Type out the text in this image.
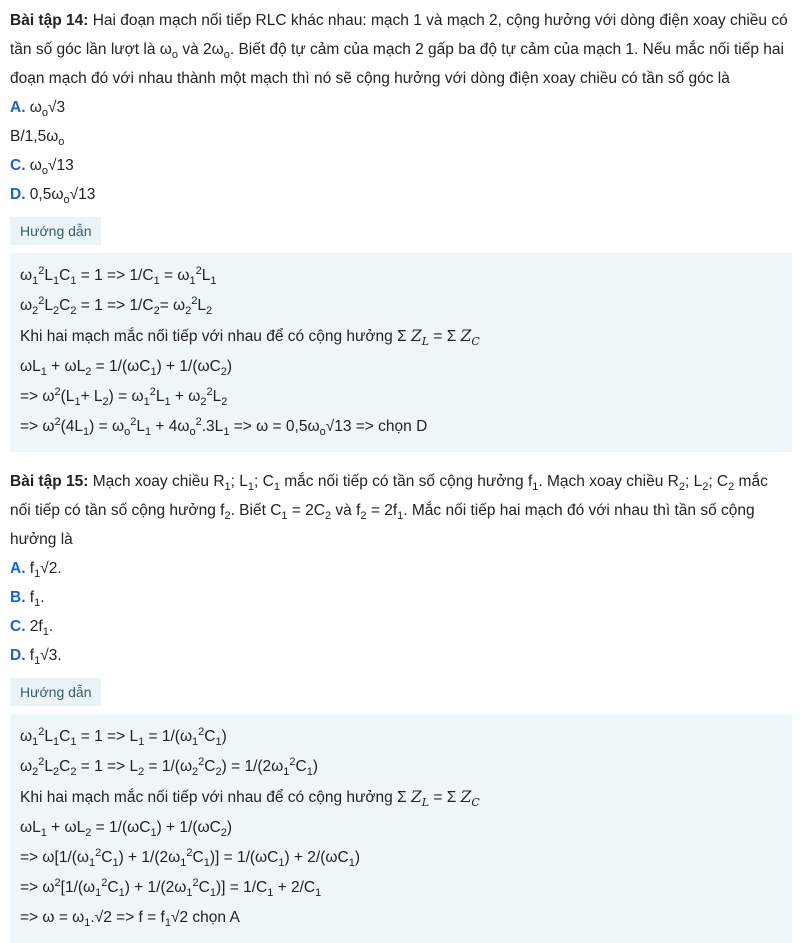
Bài tập 14: Hai đoạn mạch nối tiếp RLC khác nhau: mạch 1 và mạch 2, cộng hưởng với dòng điện xoay chiều có tần số góc lần lượt là $\omega_o$ và $2\omega_o$. Biết độ tự cảm của mạch 2 gấp ba độ tự cảm của mạch 1. Nếu mắc nối tiếp hai đoạn mạch đó với nhau thành một mạch thì nó sẽ cộng hưởng với dòng điện xoay chiều có tần số góc là

A. $\omega_o√3$

$B/1,5\omega_o$

C. $\omega_o√13$

D. $0,5\omega_o√13$

Hướng dẫn

$\omega_1^2L_1C_1 = 1 => 1/C_1 = \omega_1^2L_1$

$\omega_2^2L_2C_2 = 1 => 1/C_2= \omega_2^2L_2$

Khi hai mạch mắc nối tiếp với nhau để có cộng hưởng Σ $Z_L = \Sigma$ $Z_C$

$\omega L_1 + \omega L_2 = 1/(\omega C_1) + 1/(\omega C_2)$

=> $\omega^2(L_1+ L_2) = \omega_1^2L_1 + \omega_2^2L_2$

=> $\omega^2(4L_1) = \omega_o^2L_1 + 4\omega_o^2.3L_1 => \omega = 0,5\omega_o√13$ => chọn D

Bài tập 15: Mạch xoay chiều $R_1$; $L_1$; $C_1$ mắc nối tiếp có tần số cộng hưởng $f_1$. Mạch xoay chiều $R_2$; $L_2$; $C_2$ mắc nối tiếp có tần số cộng hưởng $f_2$. Biết $C_1 = 2C_2$ và $f_2 = 2f_1$. Mắc nối tiếp hai mạch đó với nhau thì tần số cộng hưởng là

A. $f_1√2$.

B. $f_1$.

C. $2f_1$.

D. $f_1√3$.

Hướng dẫn

$\omega_1^2L_1C_1 = 1 => L_1 = 1/(\omega_1^2C_1)$

$\omega_2^2L_2C_2 = 1 => L_2 = 1/(\omega_2^2C_2) = 1/(2\omega_1^2C_1)$

Khi hai mạch mắc nối tiếp với nhau để có cộng hưởng Σ $Z_L = \Sigma$ $Z_C$

$\omega L_1 + \omega L_2 = 1/(\omega C_1) + 1/(\omega C_2)$

=> $\omega[1/(\omega_1^2C_1) + 1/(2\omega_1^2C_1)] = 1/(\omega C_1) + 2/(\omega C_1)$

=> $\omega^2[1/(\omega_1^2C_1) + 1/(2\omega_1^2C_1)] = 1/C_1 + 2/C_1$

=> $\omega = \omega_1.√2 => f = f_1√2$ chọn A
